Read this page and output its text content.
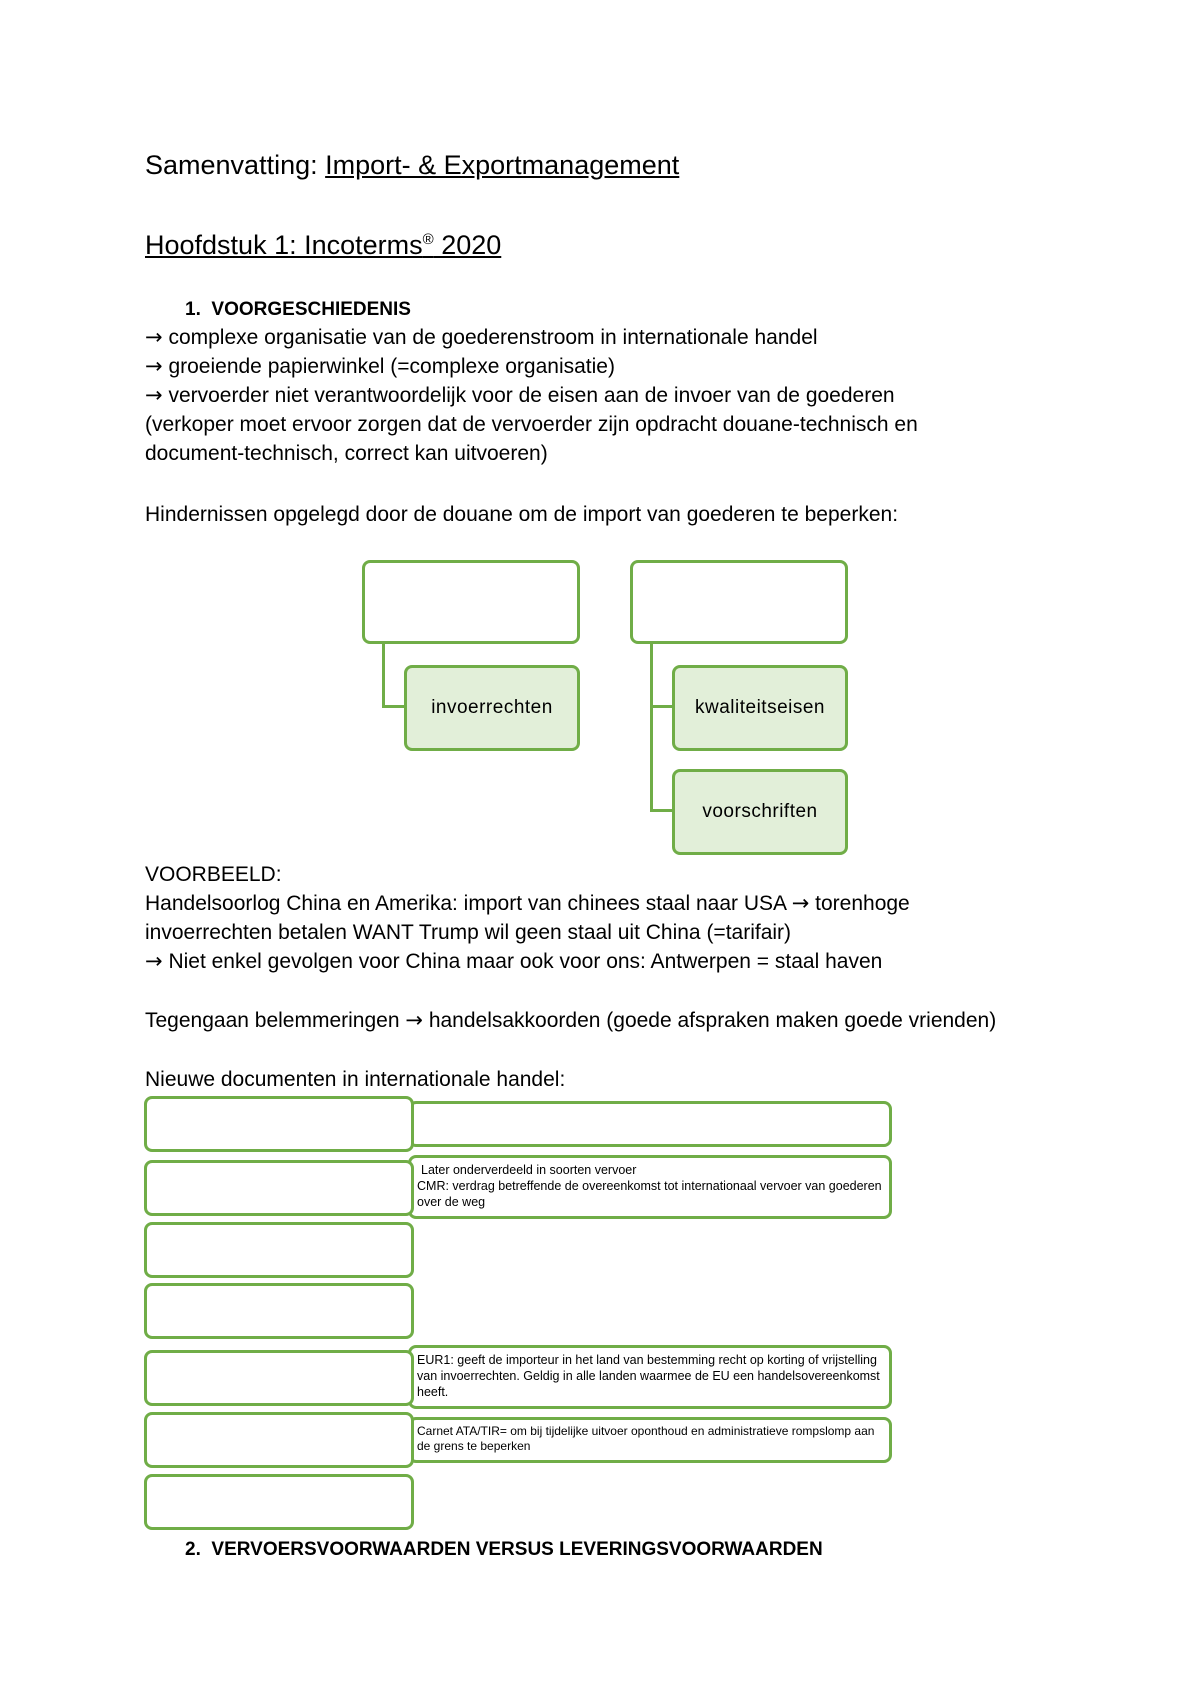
Samenvatting: Import- & Exportmanagement
Hoofdstuk 1: Incoterms® 2020
1. VOORGESCHIEDENIS
→ complexe organisatie van de goederenstroom in internationale handel
→ groeiende papierwinkel (=complexe organisatie)
→ vervoerder niet verantwoordelijk voor de eisen aan de invoer van de goederen
(verkoper moet ervoor zorgen dat de vervoerder zijn opdracht douane-technisch en
document-technisch, correct kan uitvoeren)
Hindernissen opgelegd door de douane om de import van goederen te beperken:
invoerrechten	kwaliteitseisen
voorschriften
VOORBEELD:
Handelsoorlog China en Amerika: import van chinees staal naar USA → torenhoge
invoerrechten betalen WANT Trump wil geen staal uit China (=tarifair)
→ Niet enkel gevolgen voor China maar ook voor ons: Antwerpen = staal haven
Tegengaan belemmeringen → handelsakkoorden (goede afspraken maken goede vrienden)
Nieuwe documenten in internationale handel:
Later onderverdeeld in soorten vervoer
CMR: verdrag betreffende de overeenkomst tot internationaal vervoer van goederen over de weg
EUR1: geeft de importeur in het land van bestemming recht op korting of vrijstelling van invoerrechten. Geldig in alle landen waarmee de EU een handelsovereenkomst heeft.
Carnet ATA/TIR= om bij tijdelijke uitvoer oponthoud en administratieve rompslomp aan de grens te beperken
2. VERVOERSVOORWAARDEN VERSUS LEVERINGSVOORWAARDEN
